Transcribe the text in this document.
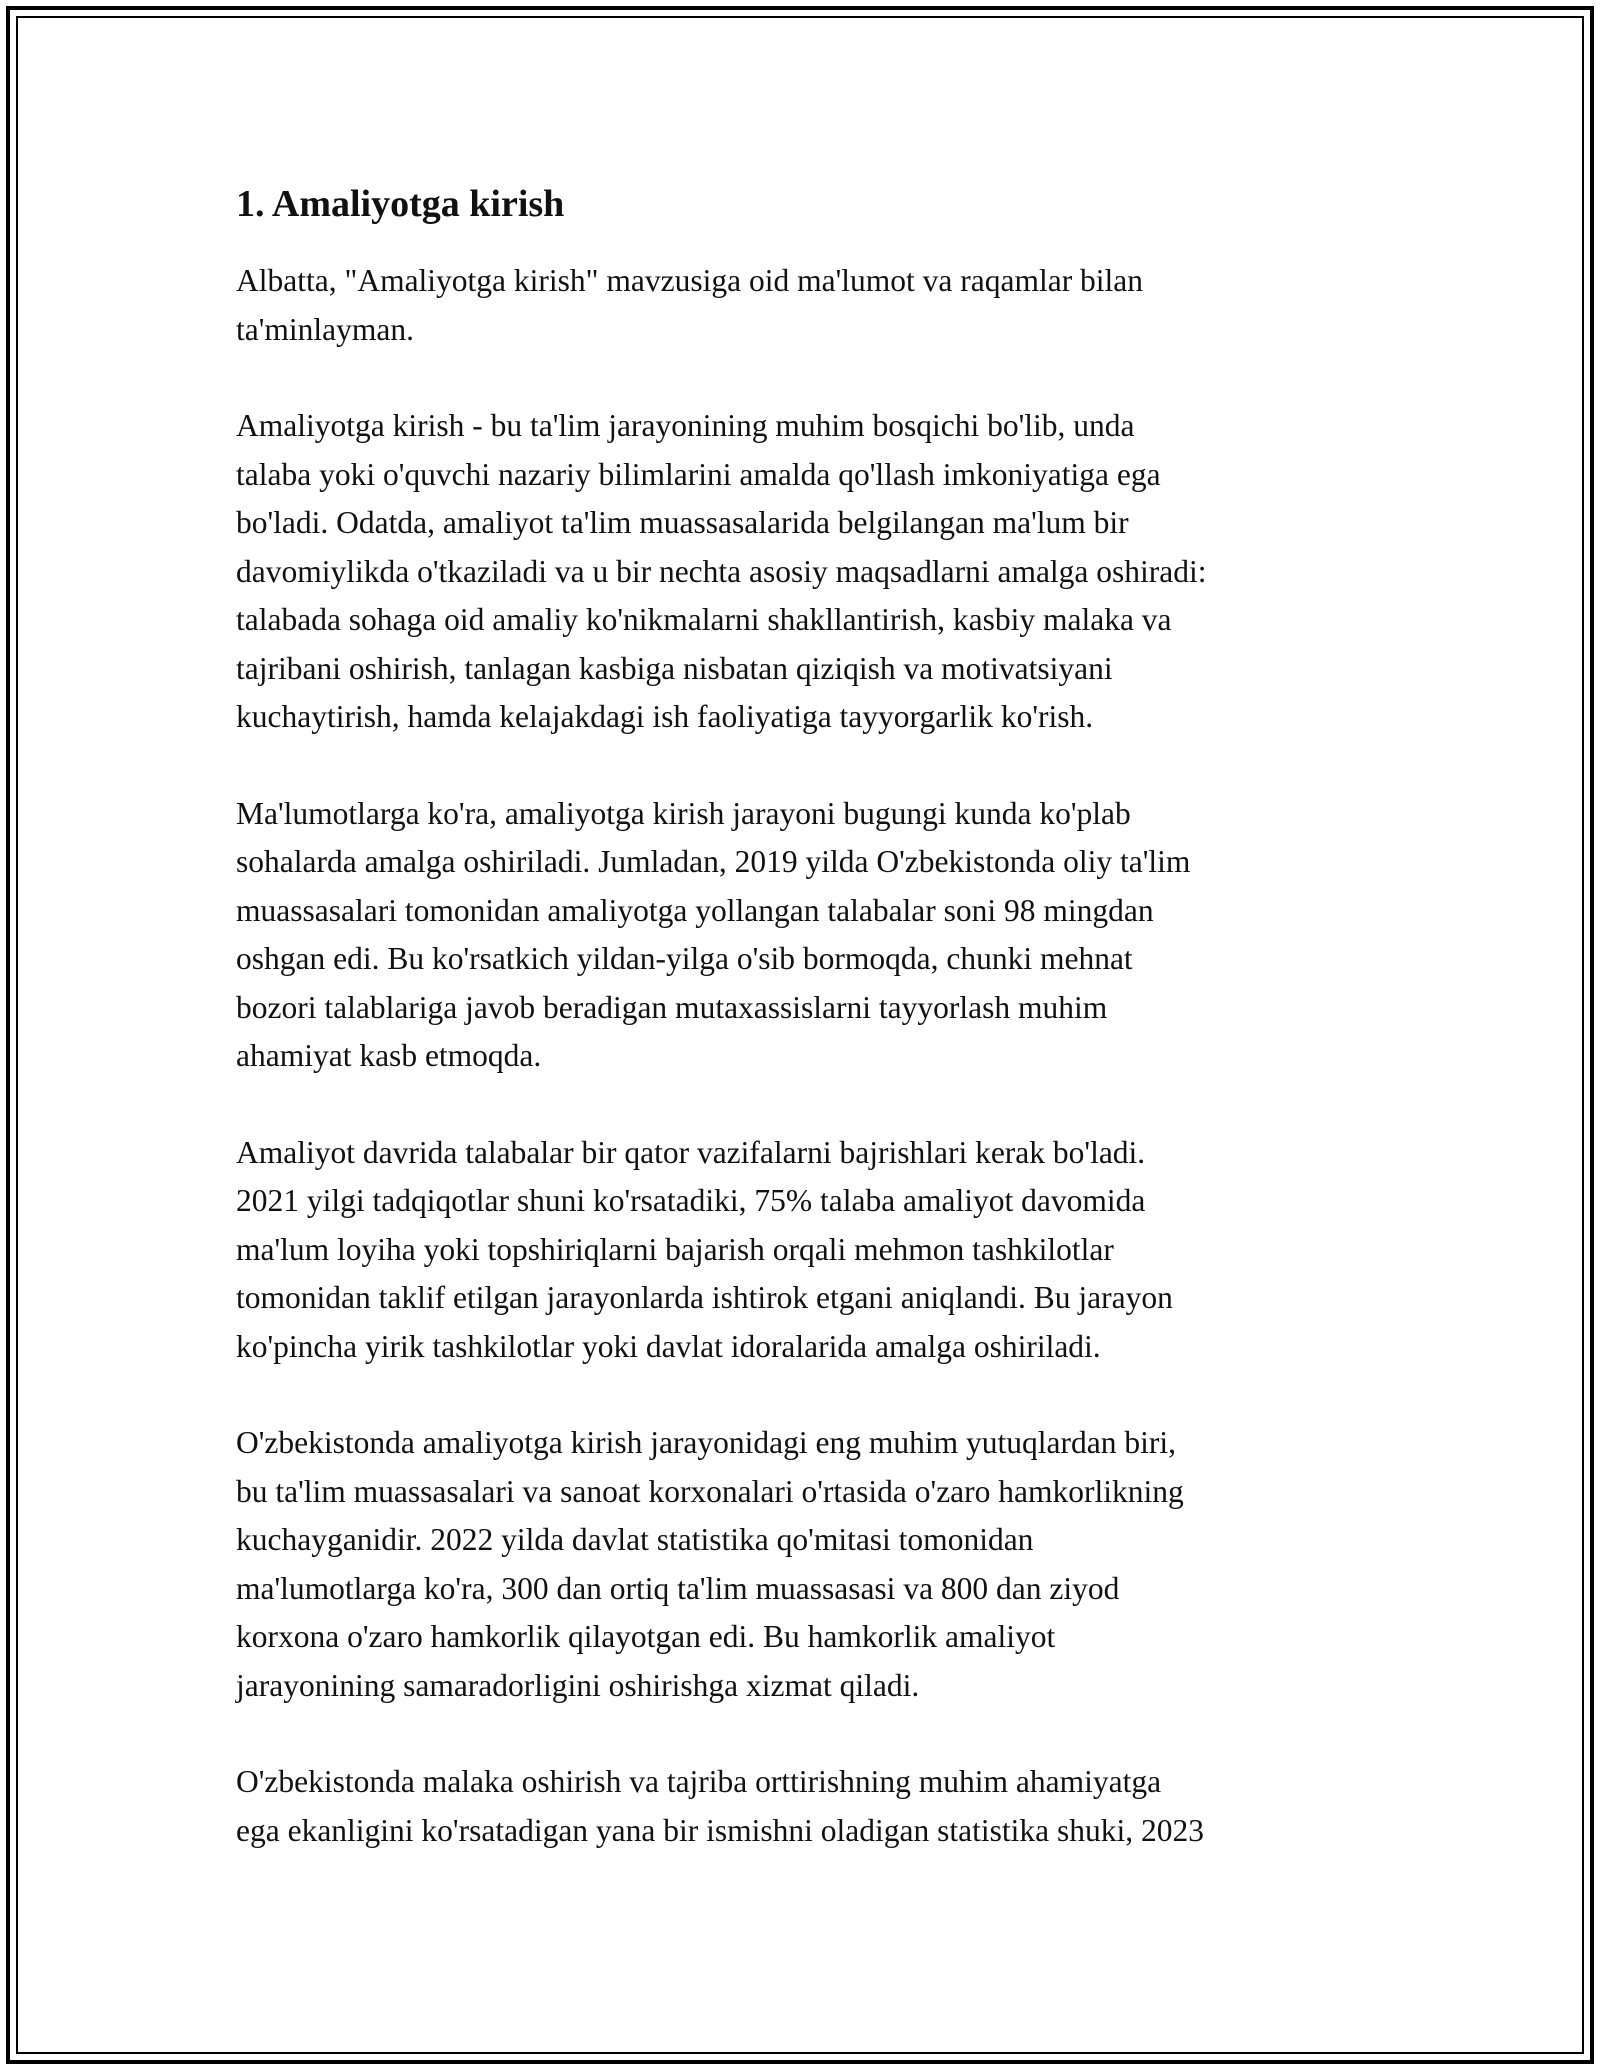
1. Amaliyotga kirish

Albatta, "Amaliyotga kirish" mavzusiga oid ma'lumot va raqamlar bilan
ta'minlayman.

Amaliyotga kirish - bu ta'lim jarayonining muhim bosqichi bo'lib, unda
talaba yoki o'quvchi nazariy bilimlarini amalda qo'llash imkoniyatiga ega
bo'ladi. Odatda, amaliyot ta'lim muassasalarida belgilangan ma'lum bir
davomiylikda o'tkaziladi va u bir nechta asosiy maqsadlarni amalga oshiradi:
talabada sohaga oid amaliy ko'nikmalarni shakllantirish, kasbiy malaka va
tajribani oshirish, tanlagan kasbiga nisbatan qiziqish va motivatsiyani
kuchaytirish, hamda kelajakdagi ish faoliyatiga tayyorgarlik ko'rish.

Ma'lumotlarga ko'ra, amaliyotga kirish jarayoni bugungi kunda ko'plab
sohalarda amalga oshiriladi. Jumladan, 2019 yilda O'zbekistonda oliy ta'lim
muassasalari tomonidan amaliyotga yollangan talabalar soni 98 mingdan
oshgan edi. Bu ko'rsatkich yildan-yilga o'sib bormoqda, chunki mehnat
bozori talablariga javob beradigan mutaxassislarni tayyorlash muhim
ahamiyat kasb etmoqda.

Amaliyot davrida talabalar bir qator vazifalarni bajrishlari kerak bo'ladi.
2021 yilgi tadqiqotlar shuni ko'rsatadiki, 75% talaba amaliyot davomida
ma'lum loyiha yoki topshiriqlarni bajarish orqali mehmon tashkilotlar
tomonidan taklif etilgan jarayonlarda ishtirok etgani aniqlandi. Bu jarayon
ko'pincha yirik tashkilotlar yoki davlat idoralarida amalga oshiriladi.

O'zbekistonda amaliyotga kirish jarayonidagi eng muhim yutuqlardan biri,
bu ta'lim muassasalari va sanoat korxonalari o'rtasida o'zaro hamkorlikning
kuchayganidir. 2022 yilda davlat statistika qo'mitasi tomonidan
ma'lumotlarga ko'ra, 300 dan ortiq ta'lim muassasasi va 800 dan ziyod
korxona o'zaro hamkorlik qilayotgan edi. Bu hamkorlik amaliyot
jarayonining samaradorligini oshirishga xizmat qiladi.

O'zbekistonda malaka oshirish va tajriba orttirishning muhim ahamiyatga
ega ekanligini ko'rsatadigan yana bir ismishni oladigan statistika shuki, 2023
